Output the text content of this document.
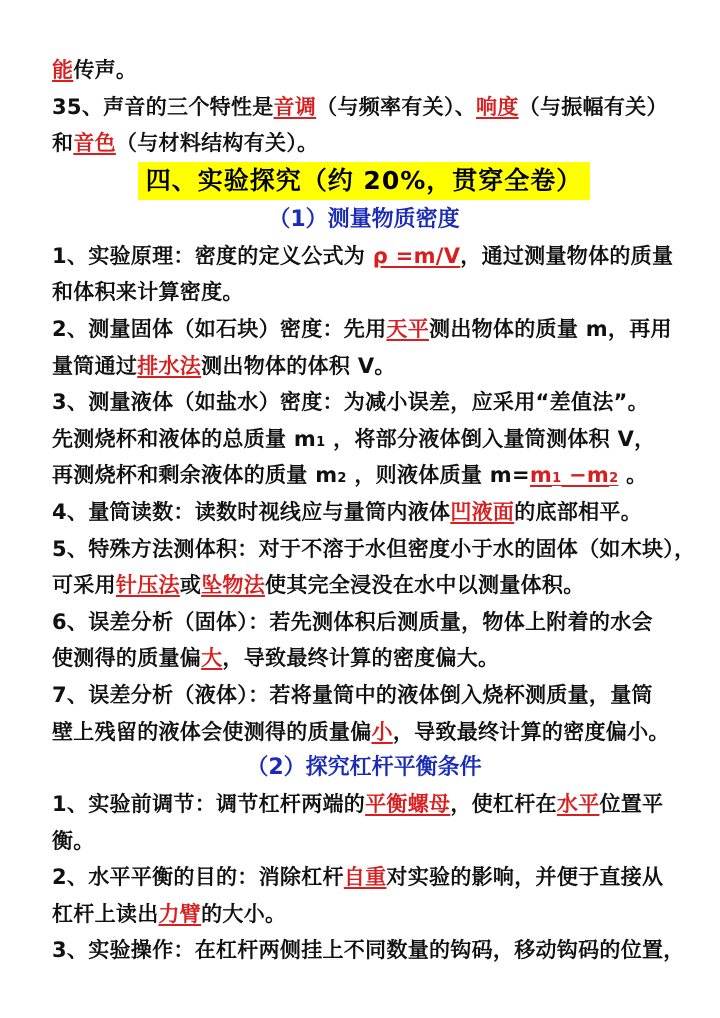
能传声。
35、声音的三个特性是音调（与频率有关）、响度（与振幅有关）
和音色（与材料结构有关）。
四、实验探究（约 20%，贯穿全卷）
（1）测量物质密度
1、实验原理：密度的定义公式为 ρ =m/V，通过测量物体的质量
和体积来计算密度。
2、测量固体（如石块）密度：先用天平测出物体的质量 m，再用
量筒通过排水法测出物体的体积 V。
3、测量液体（如盐水）密度：为减小误差，应采用“差值法”。
先测烧杯和液体的总质量 m1 ，将部分液体倒入量筒测体积 V，
再测烧杯和剩余液体的质量 m2 ，则液体质量 m=m1 −m2 。
4、量筒读数：读数时视线应与量筒内液体凹液面的底部相平。
5、特殊方法测体积：对于不溶于水但密度小于水的固体（如木块），
可采用针压法或坠物法使其完全浸没在水中以测量体积。
6、误差分析（固体）：若先测体积后测质量，物体上附着的水会
使测得的质量偏大，导致最终计算的密度偏大。
7、误差分析（液体）：若将量筒中的液体倒入烧杯测质量，量筒
壁上残留的液体会使测得的质量偏小，导致最终计算的密度偏小。
（2）探究杠杆平衡条件
1、实验前调节：调节杠杆两端的平衡螺母，使杠杆在水平位置平
衡。
2、水平平衡的目的：消除杠杆自重对实验的影响，并便于直接从
杠杆上读出力臂的大小。
3、实验操作：在杠杆两侧挂上不同数量的钩码，移动钩码的位置，
